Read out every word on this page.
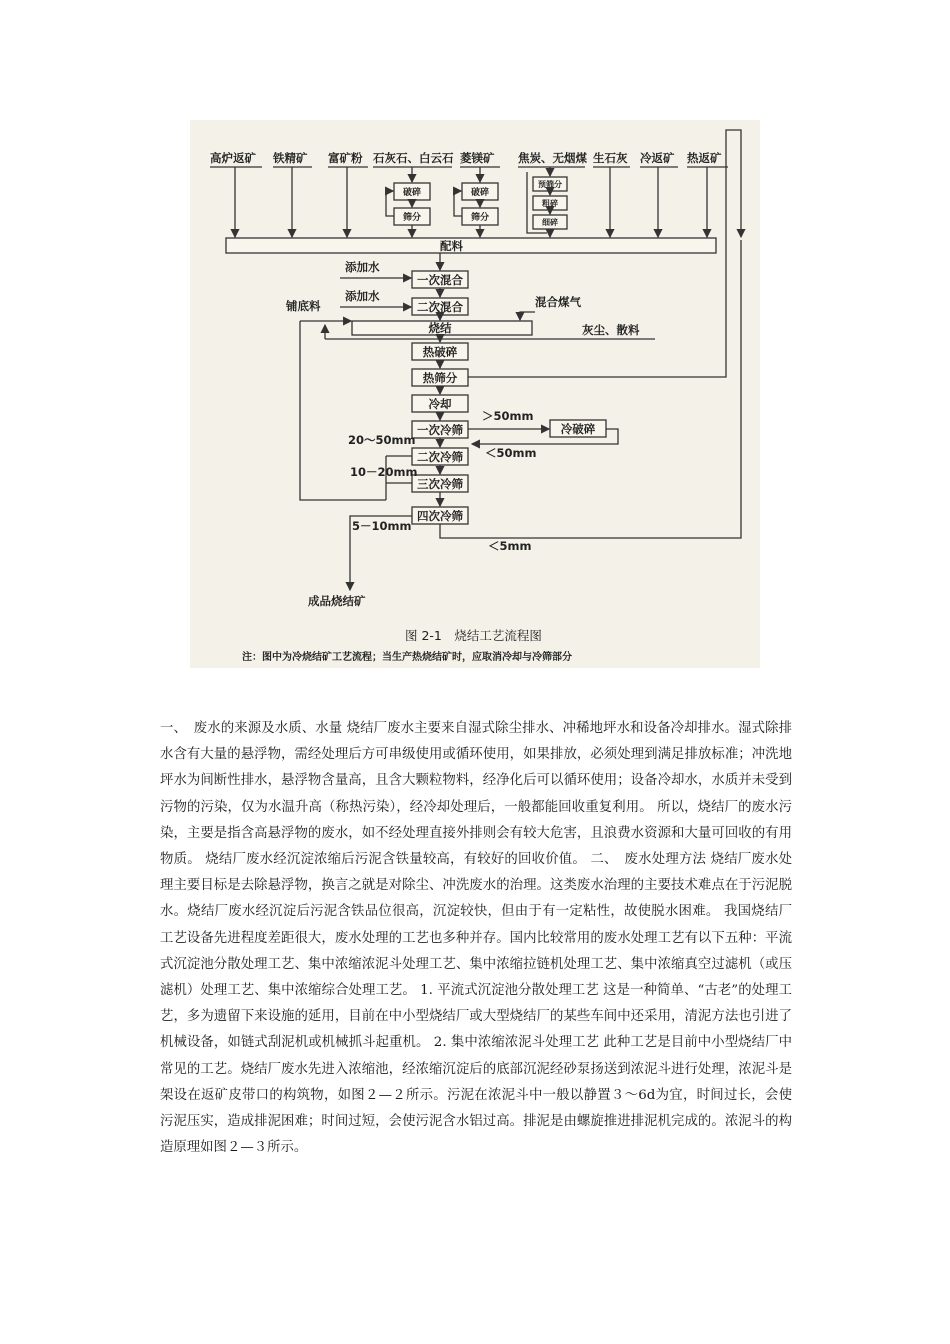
高炉返矿 铁精矿 富矿粉 石灰石、白云石 菱镁矿 焦炭、无烟煤 生石灰 冷返矿 热返矿
破碎
筛分
破碎
筛分
预筛分
粗碎
细碎
配料
一次混合
二次混合
烧结
热破碎
热筛分
冷却
一次冷筛
二次冷筛
三次冷筛
四次冷筛
添加水
添加水
铺底料	混合煤气
灰尘、散料
＞50mm
冷破碎
＜50mm
20～50mm
10－20mm
5－10mm
成品烧结矿
＜5mm
图 2-1　烧结工艺流程图
注：图中为冷烧结矿工艺流程；当生产热烧结矿时，应取消冷却与冷筛部分

一、　废水的来源及水质、水量 烧结厂废水主要来自湿式除尘排水、冲稀地坪水和设备冷却排水。湿式除排水含有大量的悬浮物，需经处理后方可串级使用或循环使用，如果排放，必须处理到满足排放标准；冲洗地坪水为间断性排水，悬浮物含量高，且含大颗粒物料，经净化后可以循环使用；设备冷却水，水质并未受到污物的污染，仅为水温升高（称热污染），经冷却处理后，一般都能回收重复利用。 所以，烧结厂的废水污染，主要是指含高悬浮物的废水，如不经处理直接外排则会有较大危害，且浪费水资源和大量可回收的有用物质。 烧结厂废水经沉淀浓缩后污泥含铁量较高，有较好的回收价值。 二、　废水处理方法 烧结厂废水处理主要目标是去除悬浮物，换言之就是对除尘、冲洗废水的治理。这类废水治理的主要技术难点在于污泥脱水。烧结厂废水经沉淀后污泥含铁品位很高，沉淀较快，但由于有一定粘性，故使脱水困难。 我国烧结厂工艺设备先进程度差距很大，废水处理的工艺也多种并存。国内比较常用的废水处理工艺有以下五种：平流式沉淀池分散处理工艺、集中浓缩浓泥斗处理工艺、集中浓缩拉链机处理工艺、集中浓缩真空过滤机（或压滤机）处理工艺、集中浓缩综合处理工艺。 1. 平流式沉淀池分散处理工艺 这是一种简单、“古老”的处理工艺，多为遗留下来设施的延用，目前在中小型烧结厂或大型烧结厂的某些车间中还采用，清泥方法也引进了机械设备，如链式刮泥机或机械抓斗起重机。 2. 集中浓缩浓泥斗处理工艺 此种工艺是目前中小型烧结厂中常见的工艺。烧结厂废水先进入浓缩池，经浓缩沉淀后的底部沉泥经砂泵扬送到浓泥斗进行处理，浓泥斗是架设在返矿皮带口的构筑物，如图２—２所示。污泥在浓泥斗中一般以静置３～6d为宜，时间过长，会使污泥压实，造成排泥困难；时间过短，会使污泥含水铝过高。排泥是由螺旋推进排泥机完成的。浓泥斗的构造原理如图２—３所示。
